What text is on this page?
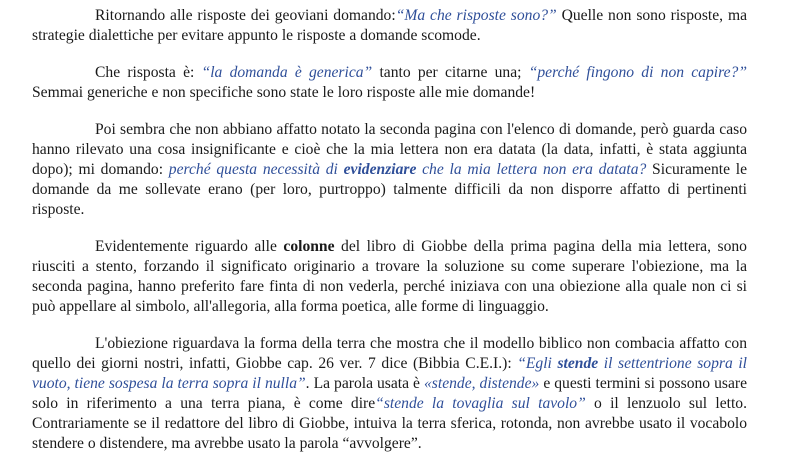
Ritornando alle risposte dei geoviani domando:“Ma che risposte sono?” Quelle non sono risposte, ma strategie dialettiche per evitare appunto le risposte a domande scomode.

Che risposta è: “la domanda è generica” tanto per citarne una; “perché fingono di non capire?” Semmai generiche e non specifiche sono state le loro risposte alle mie domande!

Poi sembra che non abbiano affatto notato la seconda pagina con l'elenco di domande, però guarda caso hanno rilevato una cosa insignificante e cioè che la mia lettera non era datata (la data, infatti, è stata aggiunta dopo); mi domando: perché questa necessità di evidenziare che la mia lettera non era datata? Sicuramente le domande da me sollevate erano (per loro, purtroppo) talmente difficili da non disporre affatto di pertinenti risposte.

Evidentemente riguardo alle colonne del libro di Giobbe della prima pagina della mia lettera, sono riusciti a stento, forzando il significato originario a trovare la soluzione su come superare l'obiezione, ma la seconda pagina, hanno preferito fare finta di non vederla, perché iniziava con una obiezione alla quale non ci si può appellare al simbolo, all'allegoria, alla forma poetica, alle forme di linguaggio.

L'obiezione riguardava la forma della terra che mostra che il modello biblico non combacia affatto con quello dei giorni nostri, infatti, Giobbe cap. 26 ver. 7 dice (Bibbia C.E.I.): “Egli stende il settentrione sopra il vuoto, tiene sospesa la terra sopra il nulla”. La parola usata è «stende, distende» e questi termini si possono usare solo in riferimento a una terra piana, è come dire“stende la tovaglia sul tavolo” o il lenzuolo sul letto. Contrariamente se il redattore del libro di Giobbe, intuiva la terra sferica, rotonda, non avrebbe usato il vocabolo stendere o distendere, ma avrebbe usato la parola “avvolgere”.
